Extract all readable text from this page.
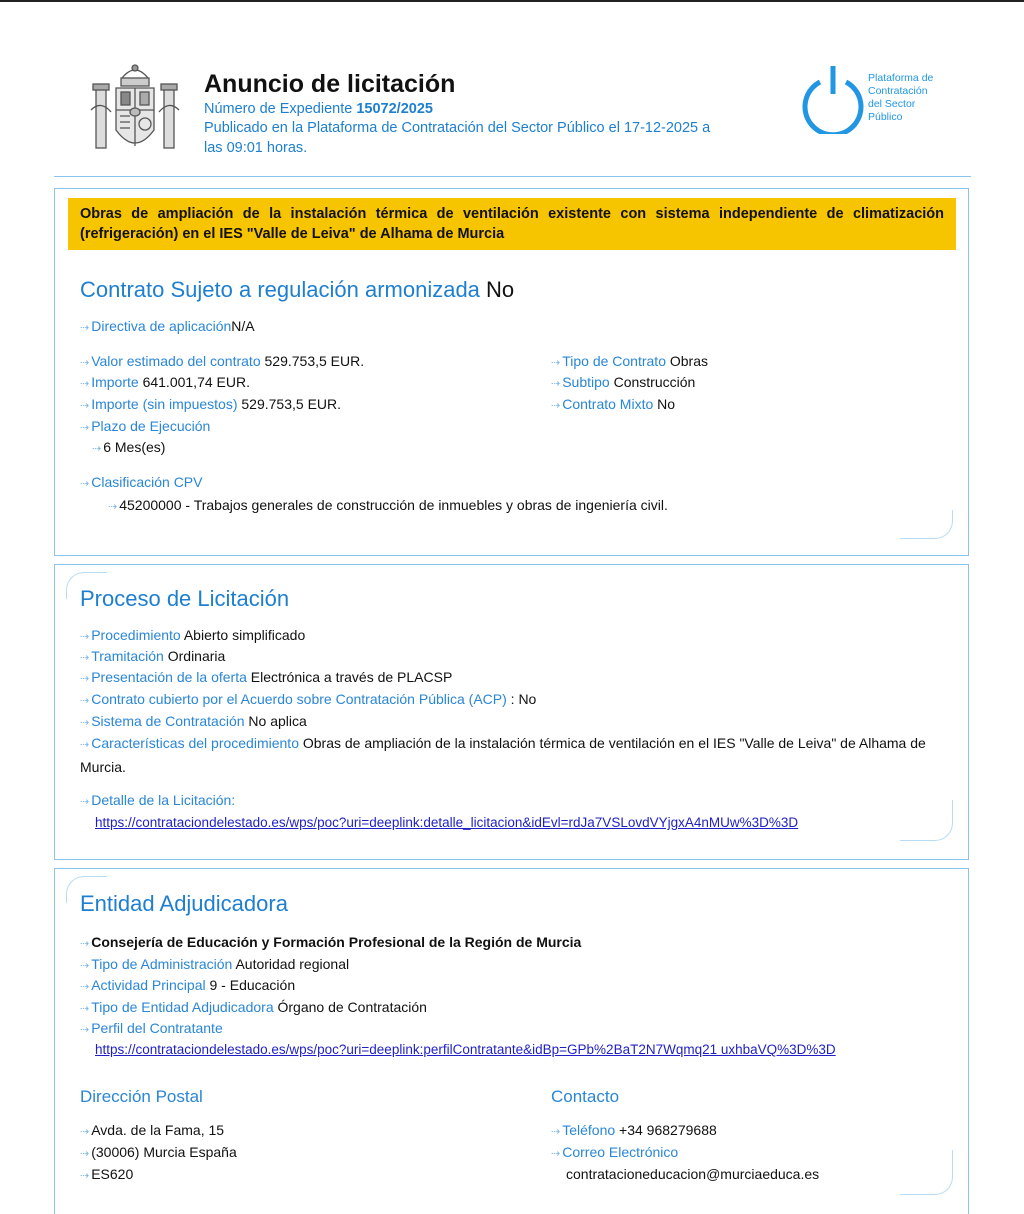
Anuncio de licitación
Número de Expediente 15072/2025
Publicado en la Plataforma de Contratación del Sector Público el 17-12-2025 a
las 09:01 horas.
Plataforma de
Contratación
del Sector
Público
Obras de ampliación de la instalación térmica de ventilación existente con sistema independiente de climatización (refrigeración) en el IES "Valle de Leiva" de Alhama de Murcia
Contrato Sujeto a regulación armonizada No
⇢ Directiva de aplicaciónN/A
⇢ Valor estimado del contrato 529.753,5 EUR.
⇢ Importe 641.001,74 EUR.
⇢ Importe (sin impuestos) 529.753,5 EUR.
⇢ Plazo de Ejecución
⇢ 6 Mes(es)
⇢ Tipo de Contrato Obras
⇢ Subtipo Construcción
⇢ Contrato Mixto No
⇢ Clasificación CPV
⇢ 45200000 - Trabajos generales de construcción de inmuebles y obras de ingeniería civil.
Proceso de Licitación
⇢ Procedimiento Abierto simplificado
⇢ Tramitación Ordinaria
⇢ Presentación de la oferta Electrónica a través de PLACSP
⇢ Contrato cubierto por el Acuerdo sobre Contratación Pública (ACP) : No
⇢ Sistema de Contratación No aplica
⇢ Características del procedimiento Obras de ampliación de la instalación térmica de ventilación en el IES "Valle de Leiva" de Alhama de Murcia.
⇢ Detalle de la Licitación:
https://contrataciondelestado.es/wps/poc?uri=deeplink:detalle_licitacion&idEvl=rdJa7VSLovdVYjgxA4nMUw%3D%3D
Entidad Adjudicadora
⇢ Consejería de Educación y Formación Profesional de la Región de Murcia
⇢ Tipo de Administración Autoridad regional
⇢ Actividad Principal 9 - Educación
⇢ Tipo de Entidad Adjudicadora Órgano de Contratación
⇢ Perfil del Contratante
https://contrataciondelestado.es/wps/poc?uri=deeplink:perfilContratante&idBp=GPb%2BaT2N7Wqmq21 uxhbaVQ%3D%3D
Dirección Postal
⇢ Avda. de la Fama, 15
⇢ (30006) Murcia España
⇢ ES620
Contacto
⇢ Teléfono +34 968279688
⇢ Correo Electrónico
contratacioneducacion@murciaeduca.es
